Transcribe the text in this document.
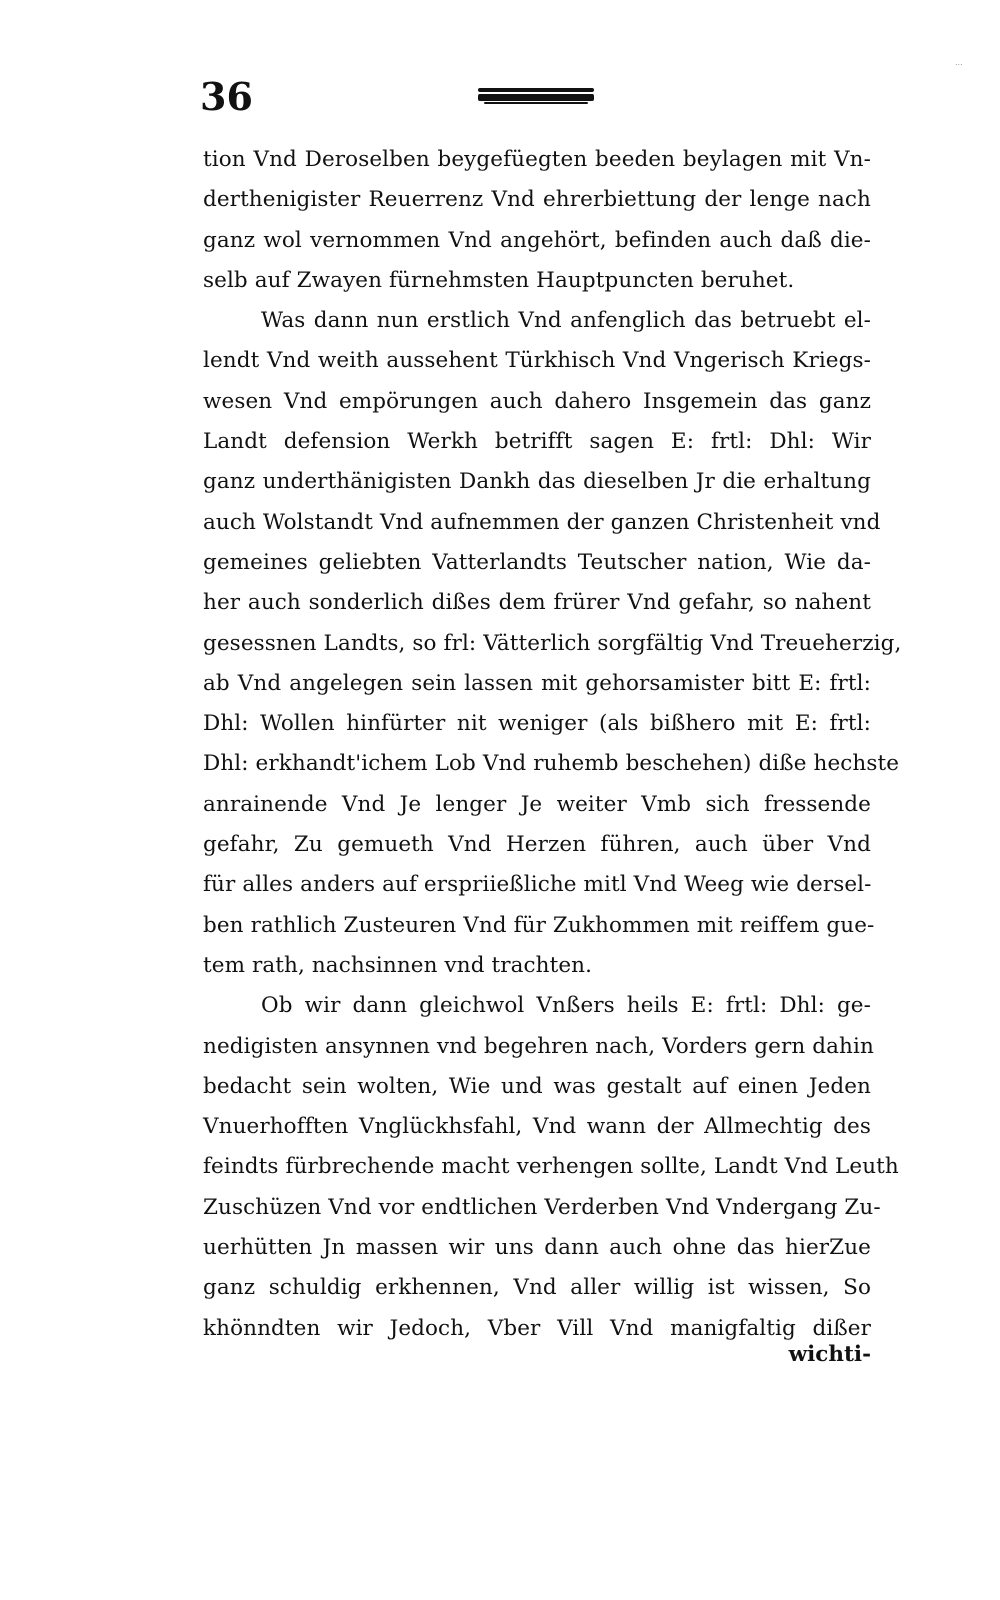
36
...
tion Vnd Deroselben beygefüegten beeden beylagen mit Vn-
derthenigister Reuerrenz Vnd ehrerbiettung der lenge nach
ganz wol vernommen Vnd angehört, befinden auch daß die-
selb auf Zwayen fürnehmsten Hauptpuncten beruhet.
Was dann nun erstlich Vnd anfenglich das betruebt el-
lendt Vnd weith aussehent Türkhisch Vnd Vngerisch Kriegs-
wesen Vnd empörungen auch dahero Insgemein das ganz
Landt defension Werkh betrifft sagen E: frtl: Dhl: Wir
ganz underthänigisten Dankh das dieselben Jr die erhaltung
auch Wolstandt Vnd aufnemmen der ganzen Christenheit vnd
gemeines geliebten Vatterlandts Teutscher nation, Wie da-
her auch sonderlich dißes dem frürer Vnd gefahr, so nahent
gesessnen Landts, so frl: Vätterlich sorgfältig Vnd Treueherzig,
ab Vnd angelegen sein lassen mit gehorsamister bitt E: frtl:
Dhl: Wollen hinfürter nit weniger (als bißhero mit E: frtl:
Dhl: erkhandt'ichem Lob Vnd ruhemb beschehen) diße hechste
anrainende Vnd Je lenger Je weiter Vmb sich fressende
gefahr, Zu gemueth Vnd Herzen führen, auch über Vnd
für alles anders auf erspriießliche mitl Vnd Weeg wie dersel-
ben rathlich Zusteuren Vnd für Zukhommen mit reiffem gue-
tem rath, nachsinnen vnd trachten.
Ob wir dann gleichwol Vnßers heils E: frtl: Dhl: ge-
nedigisten ansynnen vnd begehren nach, Vorders gern dahin
bedacht sein wolten, Wie und was gestalt auf einen Jeden
Vnuerhofften Vnglückhsfahl, Vnd wann der Allmechtig des
feindts fürbrechende macht verhengen sollte, Landt Vnd Leuth
Zuschüzen Vnd vor endtlichen Verderben Vnd Vndergang Zu-
uerhütten Jn massen wir uns dann auch ohne das hierZue
ganz schuldig erkhennen, Vnd aller willig ist wissen, So
khönndten wir Jedoch, Vber Vill Vnd manigfaltig dißer
wichti-
